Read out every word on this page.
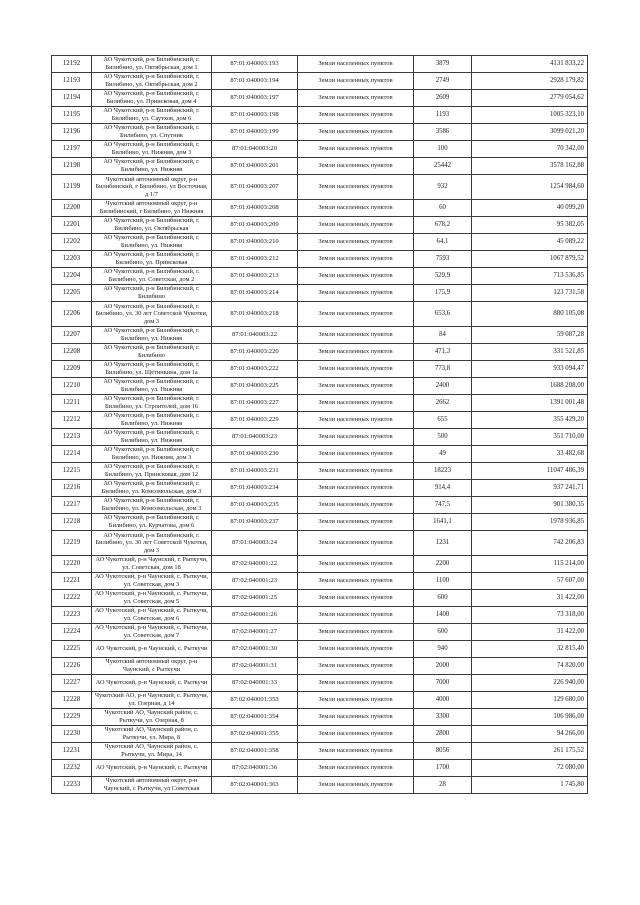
12192	АО Чукотский, р-н Билибинский, г. Билибино, ул. Октябрьская, дом 1	87:01:040003:193	Земли населенных пунктов	3879	4131 833,22
12193	АО Чукотский, р-н Билибинский, г. Билибино, ул. Октябрьская, дом 2	87:01:040003:194	Земли населенных пунктов	2749	2928 179,82
12194	АО Чукотский, р-н Билибинский, г. Билибино, ул. Приисковая, дом 4	87:01:040003:197	Земли населенных пунктов	2609	2779 054,62
12195	АО Чукотский, р-н Билибинский, г. Билибино, ул. Саутхов, дом 6	87:01:040003:198	Земли населенных пунктов	1193	1005 323,10
12196	АО Чукотский, р-н Билибинский, г. Билибино, ул. Спутник	87:01:040003:199	Земли населенных пунктов	3586	3099 021,20
12197	АО Чукотский, р-н Билибинский, г. Билибино, ул. Нижняя, дом 3	87:01:040003:20	Земли населенных пунктов	100	70 342,00
12198	АО Чукотский, р-н Билибинский, г. Билибино, ул. Нижняя	87:01:040003:201	Земли населенных пунктов	25442	3578 162,88
12199	Чукотский автономный округ, р-н Билибинский, г Билибино, ул Восточная, д 1/7	87:01:040003:207	Земли населенных пунктов	932	1254 984,60
12200	Чукотский автономный округ, р-н Билибинский, г Билибино, ул Нижняя	87:01:040003:208	Земли населенных пунктов	60	40 099,20
12201	АО Чукотский, р-н Билибинский, г. Билибино, ул. Октябрьская	87:01:040003:209	Земли населенных пунктов	678,2	95 382,05
12202	АО Чукотский, р-н Билибинский, г. Билибино, ул. Нижняя	87:01:040003:210	Земли населенных пунктов	64,1	45 089,22
12203	АО Чукотский, р-н Билибинский, г. Билибино, ул. Приисковая	87:01:040003:212	Земли населенных пунктов	7593	1067 879,52
12204	АО Чукотский, р-н Билибинский, г. Билибино, ул. Советская, дом 2	87:01:040003:213	Земли населенных пунктов	529,9	713 536,85
12205	АО Чукотский, р-н Билибинский, г. Билибино	87:01:040003:214	Земли населенных пунктов	175,9	123 731,58
12206	АО Чукотский, р-н Билибинский, г. Билибино, ул. 30 лет Советской Чукотки, дом 3	87:01:040003:218	Земли населенных пунктов	653,6	880 105,08
12207	АО Чукотский, р-н Билибинский, г. Билибино, ул. Нижняя	87:01:040003:22	Земли населенных пунктов	84	59 087,28
12208	АО Чукотский, р-н Билибинский, г. Билибино	87:01:040003:220	Земли населенных пунктов	471,3	331 521,85
12209	АО Чукотский, р-н Билибинский, г. Билибино, ул. Щетинкина, дом 1а	87:01:040003:222	Земли населенных пунктов	773,8	933 094,47
12210	АО Чукотский, р-н Билибинский, г. Билибино, ул. Нижняя	87:01:040003:225	Земли населенных пунктов	2400	1688 208,00
12211	АО Чукотский, р-н Билибинский, г. Билибино, ул. Строителей, дом 16	87:01:040003:227	Земли населенных пунктов	2662	1391 001,48
12212	АО Чукотский, р-н Билибинский, г. Билибино, ул. Нижняя	87:01:040003:229	Земли населенных пунктов	655	355 429,20
12213	АО Чукотский, р-н Билибинский, г. Билибино, ул. Нижняя	87:01:040003:23	Земли населенных пунктов	500	351 710,00
12214	АО Чукотский, р-н Билибинский, г. Билибино, ул. Нижняя, дом 3	87:01:040003:230	Земли населенных пунктов	49	33 482,68
12215	АО Чукотский, р-н Билибинский, г. Билибино, ул. Приисковая, дом 12	87:01:040003:231	Земли населенных пунктов	18223	11047 486,39
12216	АО Чукотский, р-н Билибинский, г. Билибино, ул. Комсомольская, дом 3	87:01:040003:234	Земли населенных пунктов	914,4	937 241,71
12217	АО Чукотский, р-н Билибинский, г. Билибино, ул. Комсомольская, дом 3	87:01:040003:235	Земли населенных пунктов	747,5	901 380,35
12218	АО Чукотский, р-н Билибинский, г. Билибино, ул. Курчатова, дом 6	87:01:040003:237	Земли населенных пунктов	1641,1	1978 936,85
12219	АО Чукотский, р-н Билибинский, г. Билибино, ул. 30 лет Советской Чукотки, дом 3	87:01:040003:24	Земли населенных пунктов	1231	742 206,83
12220	АО Чукотский, р-н Чаунский, г. Рыткучи, ул. Советская, дом 18	87:02:040001:22	Земли населенных пунктов	2200	115 214,00
12221	АО Чукотский, р-н Чаунский, с. Рыткучи, ул. Советская, дом 3	87:02:040001:23	Земли населенных пунктов	1100	57 607,00
12222	АО Чукотский, р-н Чаунский, с. Рыткучи, ул. Советская, дом 5	87:02:040001:25	Земли населенных пунктов	600	31 422,00
12223	АО Чукотский, р-н Чаунский, с. Рыткучи, ул. Советская, дом 6	87:02:040001:26	Земли населенных пунктов	1400	73 318,00
12224	АО Чукотский, р-н Чаунский, с. Рыткучи, ул. Советская, дом 7	87:02:040001:27	Земли населенных пунктов	600	31 422,00
12225	АО Чукотский, р-н Чаунский, с. Рыткучи	87:02:040001:30	Земли населенных пунктов	940	32 815,40
12226	Чукотский автономный округ, р-н Чаунский, с Рыткучи	87:02:040001:31	Земли населенных пунктов	2000	74 820,00
12227	АО Чукотский, р-н Чаунский, с. Рыткучи	87:02:040001:33	Земли населенных пунктов	7000	226 940,00
12228	Чукотский АО, р-н Чаунский, с. Рыткучи, ул. Озерная, д 14	87:02:040001:353	Земли населенных пунктов	4000	129 680,00
12229	Чукотский АО, Чаунский район, с. Рыткучи, ул. Озерная, 8	87:02:040001:354	Земли населенных пунктов	3300	106 986,00
12230	Чукотский АО, Чаунский район, с. Рыткучи, ул. Мира, 8	87:02:040001:355	Земли населенных пунктов	2800	94 266,00
12231	Чукотский АО, Чаунский район, с. Рыткучи, ул. Мира, 14	87:02:040001:358	Земли населенных пунктов	8056	261 175,52
12232	АО Чукотский, р-н Чаунский, с. Рыткучи	87:02:040001:36	Земли населенных пунктов	1700	72 080,00
12233	Чукотский автономный округ, р-н Чаунский, с Рыткучи, ул Советская	87:02:040001:363	Земли населенных пунктов	28	1 745,80
